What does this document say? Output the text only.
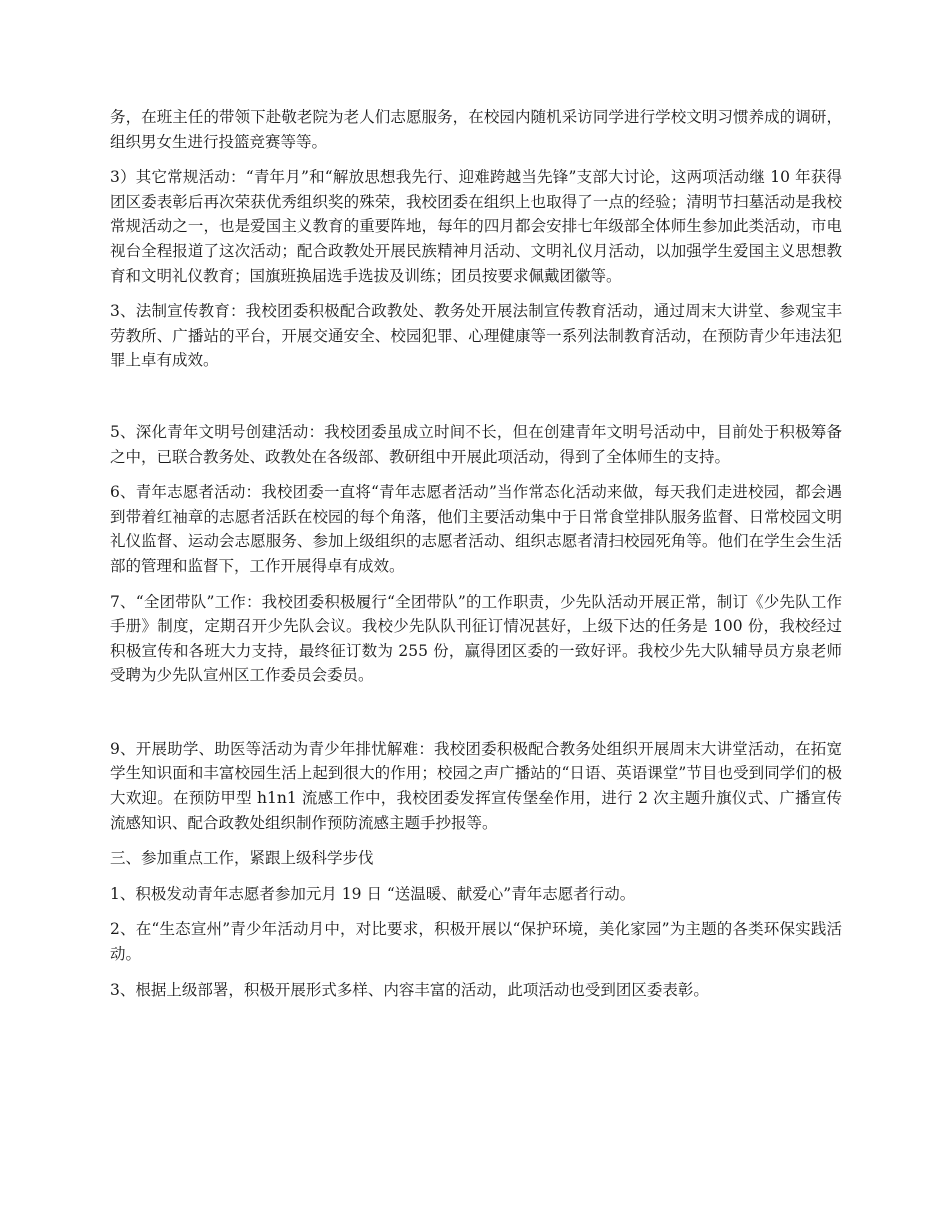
务，在班主任的带领下赴敬老院为老人们志愿服务，在校园内随机采访同学进行学校文明习惯养成的调研，组织男女生进行投篮竞赛等等。

3）其它常规活动：“青年月”和“解放思想我先行、迎难跨越当先锋”支部大讨论，这两项活动继 10 年获得团区委表彰后再次荣获优秀组织奖的殊荣，我校团委在组织上也取得了一点的经验；清明节扫墓活动是我校常规活动之一，也是爱国主义教育的重要阵地，每年的四月都会安排七年级部全体师生参加此类活动，市电视台全程报道了这次活动；配合政教处开展民族精神月活动、文明礼仪月活动，以加强学生爱国主义思想教育和文明礼仪教育；国旗班换届选手选拔及训练；团员按要求佩戴团徽等。

3、法制宣传教育：我校团委积极配合政教处、教务处开展法制宣传教育活动，通过周末大讲堂、参观宝丰劳教所、广播站的平台，开展交通安全、校园犯罪、心理健康等一系列法制教育活动，在预防青少年违法犯罪上卓有成效。

5、深化青年文明号创建活动：我校团委虽成立时间不长，但在创建青年文明号活动中，目前处于积极筹备之中，已联合教务处、政教处在各级部、教研组中开展此项活动，得到了全体师生的支持。

6、青年志愿者活动：我校团委一直将“青年志愿者活动”当作常态化活动来做，每天我们走进校园，都会遇到带着红袖章的志愿者活跃在校园的每个角落，他们主要活动集中于日常食堂排队服务监督、日常校园文明礼仪监督、运动会志愿服务、参加上级组织的志愿者活动、组织志愿者清扫校园死角等。他们在学生会生活部的管理和监督下，工作开展得卓有成效。

7、“全团带队”工作：我校团委积极履行“全团带队”的工作职责，少先队活动开展正常，制订《少先队工作手册》制度，定期召开少先队会议。我校少先队队刊征订情况甚好，上级下达的任务是 100 份，我校经过积极宣传和各班大力支持，最终征订数为 255 份，赢得团区委的一致好评。我校少先大队辅导员方泉老师受聘为少先队宣州区工作委员会委员。

9、开展助学、助医等活动为青少年排忧解难：我校团委积极配合教务处组织开展周末大讲堂活动，在拓宽学生知识面和丰富校园生活上起到很大的作用；校园之声广播站的“日语、英语课堂”节目也受到同学们的极大欢迎。在预防甲型 h1n1 流感工作中，我校团委发挥宣传堡垒作用，进行 2 次主题升旗仪式、广播宣传流感知识、配合政教处组织制作预防流感主题手抄报等。

三、参加重点工作，紧跟上级科学步伐

1、积极发动青年志愿者参加元月 19 日 “送温暖、献爱心”青年志愿者行动。

2、在“生态宣州”青少年活动月中，对比要求，积极开展以“保护环境，美化家园”为主题的各类环保实践活动。

3、根据上级部署，积极开展形式多样、内容丰富的活动，此项活动也受到团区委表彰。
